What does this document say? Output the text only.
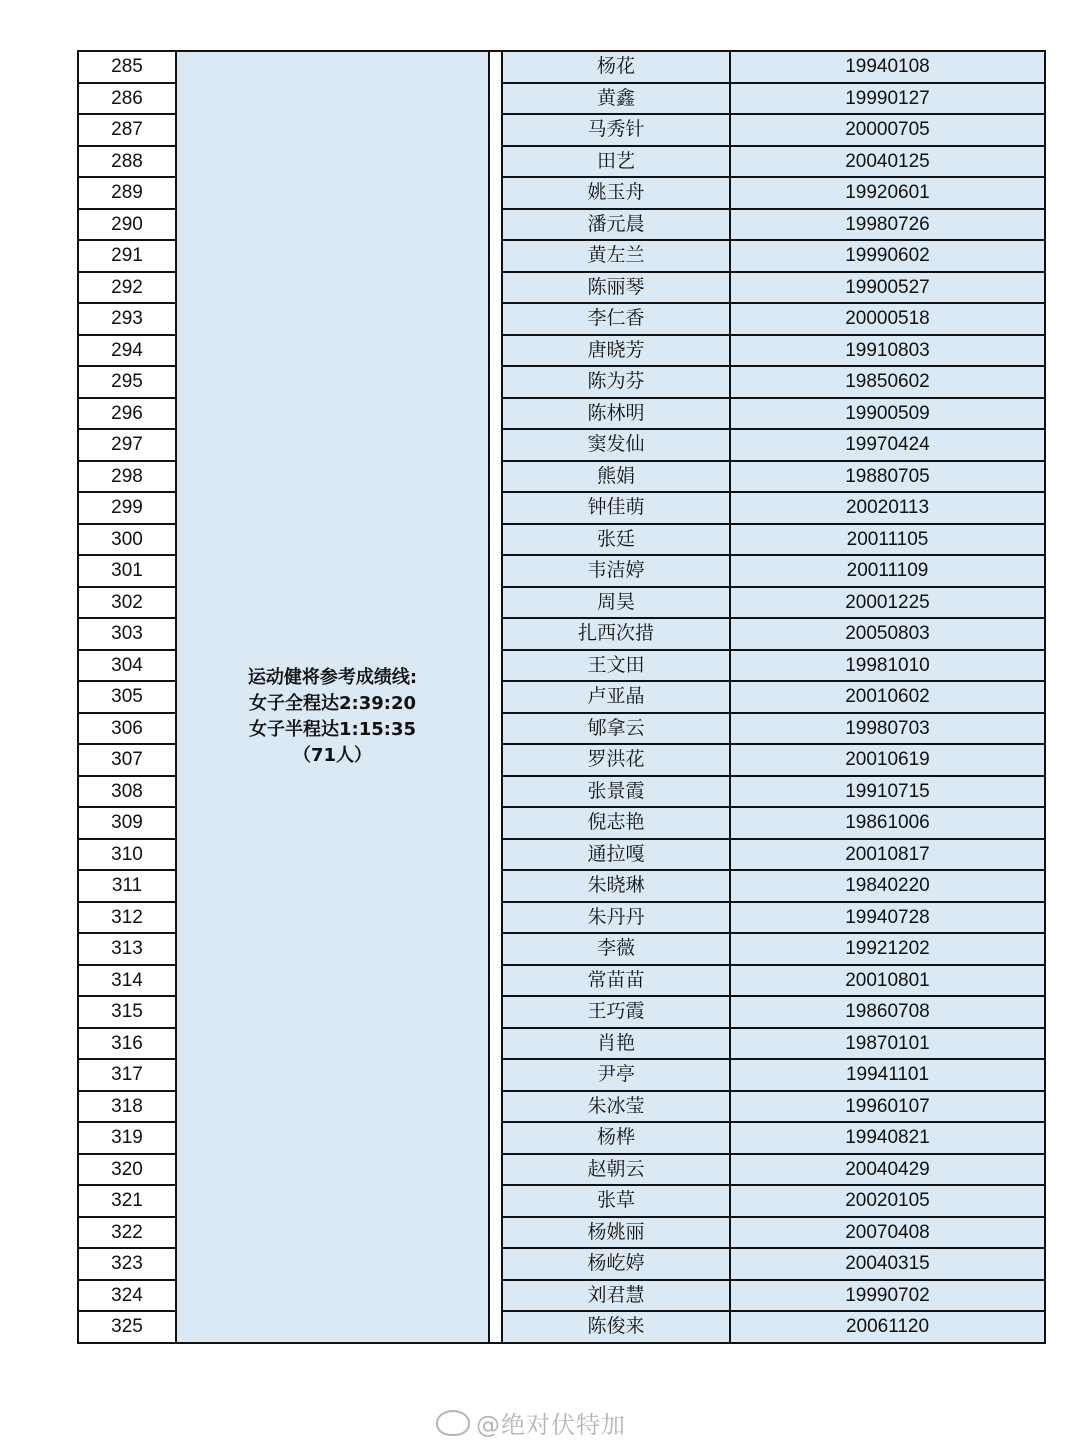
285	运动健将参考成绩线:
女子全程达2:39:20
女子半程达1:15:35
（71人）		杨花	19940108
286			黄鑫	19990127
287			马秀针	20000705
288			田艺	20040125
289			姚玉舟	19920601
290			潘元晨	19980726
291			黄左兰	19990602
292			陈丽琴	19900527
293			李仁香	20000518
294			唐晓芳	19910803
295			陈为芬	19850602
296			陈林明	19900509
297			窦发仙	19970424
298			熊娟	19880705
299			钟佳萌	20020113
300			张廷	20011105
301			韦洁婷	20011109
302			周昊	20001225
303			扎西次措	20050803
304			王文田	19981010
305			卢亚晶	20010602
306			郇拿云	19980703
307			罗洪花	20010619
308			张景霞	19910715
309			倪志艳	19861006
310			通拉嘎	20010817
311			朱晓琳	19840220
312			朱丹丹	19940728
313			李薇	19921202
314			常苗苗	20010801
315			王巧霞	19860708
316			肖艳	19870101
317			尹亭	19941101
318			朱冰莹	19960107
319			杨桦	19940821
320			赵朝云	20040429
321			张草	20020105
322			杨姚丽	20070408
323			杨屹婷	20040315
324			刘君慧	19990702
325			陈俊来	20061120
@绝对伏特加
